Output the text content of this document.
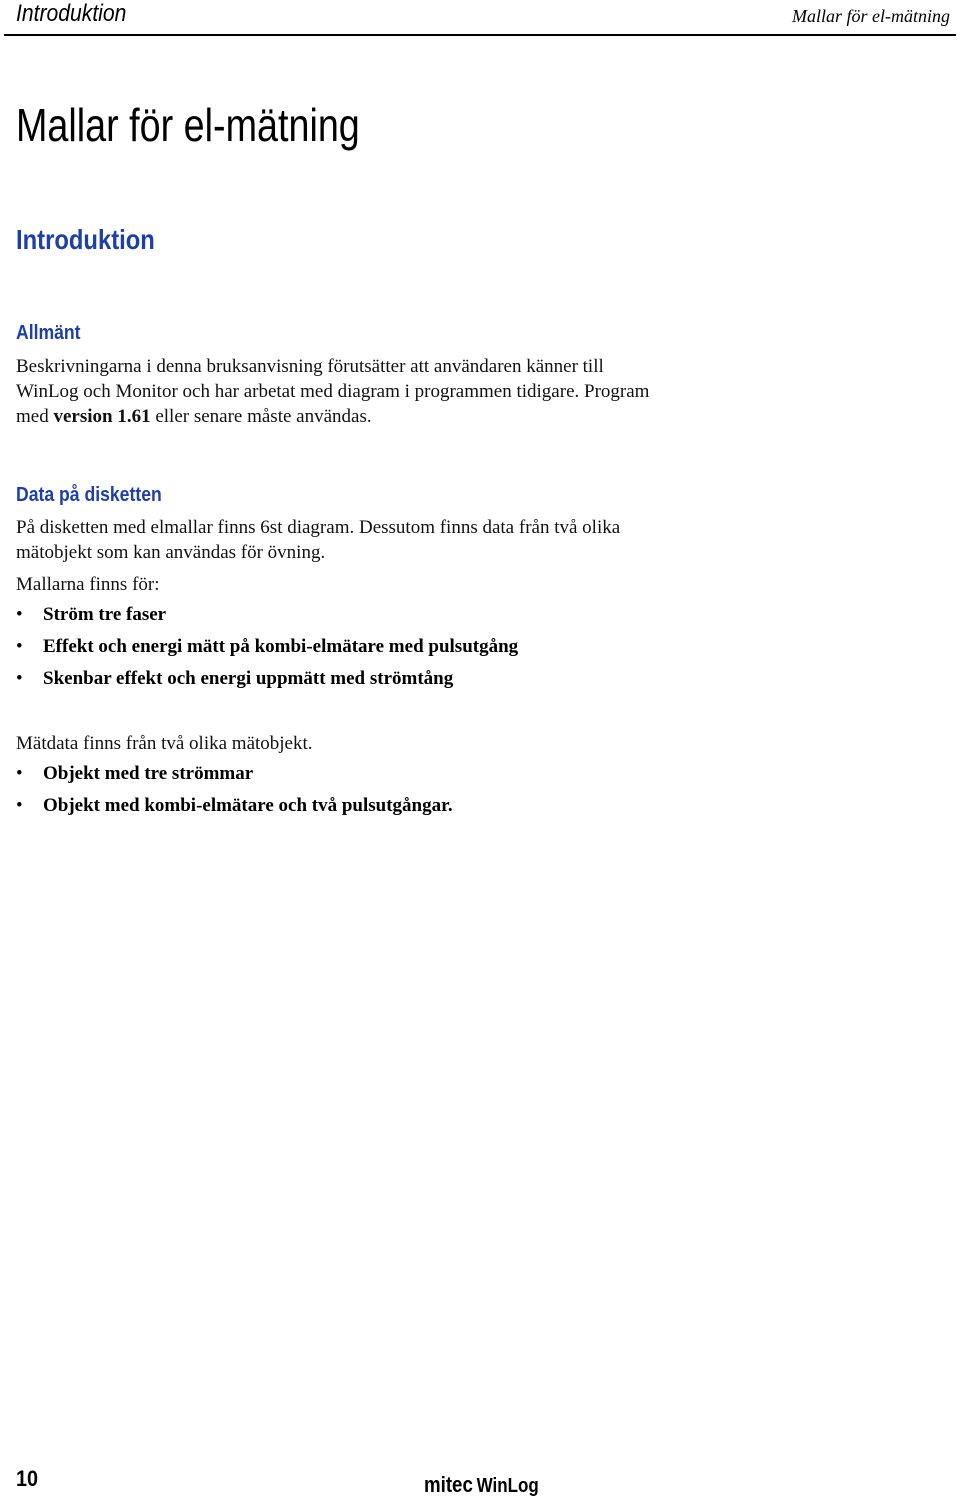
Introduktion	Mallar för el-mätning
Mallar för el-mätning
Introduktion
Allmänt
Beskrivningarna i denna bruksanvisning förutsätter att användaren känner till WinLog och Monitor och har arbetat med diagram i programmen tidigare. Program med version 1.61 eller senare måste användas.
Data på disketten
På disketten med elmallar finns 6st diagram. Dessutom finns data från två olika mätobjekt som kan användas för övning.
Mallarna finns för:
• Ström tre faser
• Effekt och energi mätt på kombi-elmätare med pulsutgång
• Skenbar effekt och energi uppmätt med strömtång
Mätdata finns från två olika mätobjekt.
• Objekt med tre strömmar
• Objekt med kombi-elmätare och två pulsutgångar.
10	mitec WinLog
